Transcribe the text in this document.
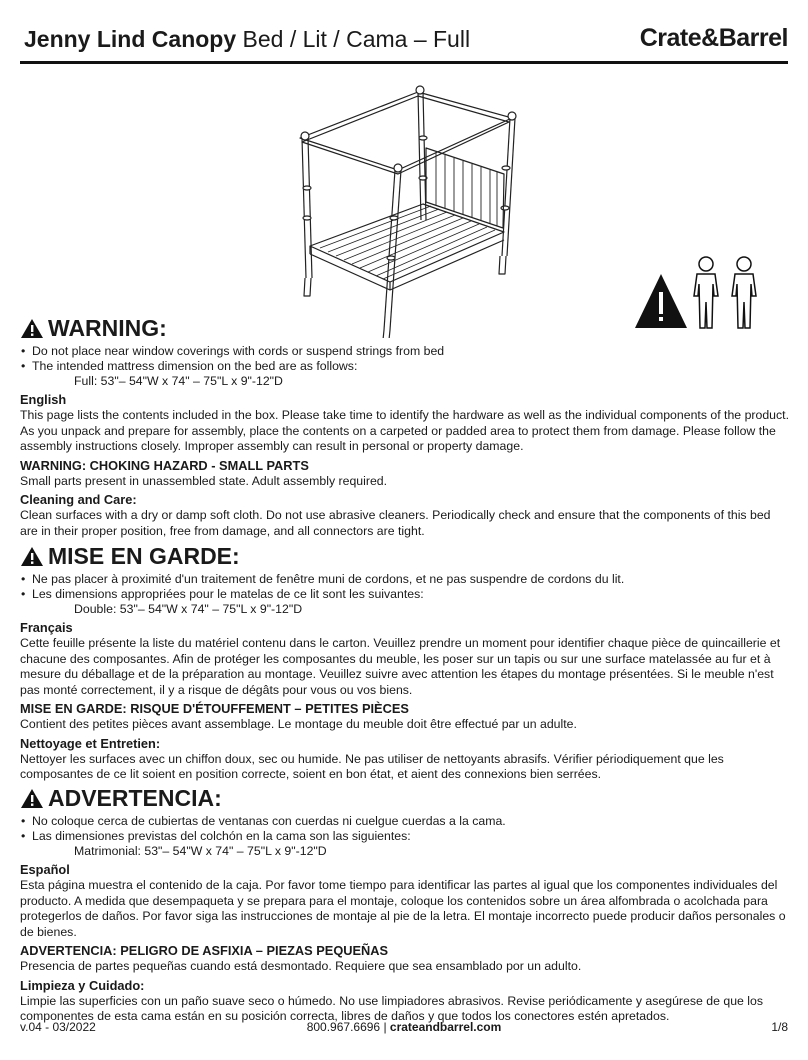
Jenny Lind Canopy Bed / Lit / Cama – Full	Crate&Barrel
WARNING:
• Do not place near window coverings with cords or suspend strings from bed
• The intended mattress dimension on the bed are as follows:
Full: 53"– 54"W x 74" – 75"L x 9"-12"D
English
This page lists the contents included in the box. Please take time to identify the hardware as well as the individual components of the product. As you unpack and prepare for assembly, place the contents on a carpeted or padded area to protect them from damage. Please follow the assembly instructions closely. Improper assembly can result in personal or property damage.
WARNING: CHOKING HAZARD - SMALL PARTS
Small parts present in unassembled state. Adult assembly required.
Cleaning and Care:
Clean surfaces with a dry or damp soft cloth. Do not use abrasive cleaners. Periodically check and ensure that the components of this bed are in their proper position, free from damage, and all connectors are tight.
MISE EN GARDE:
• Ne pas placer à proximité d'un traitement de fenêtre muni de cordons, et ne pas suspendre de cordons du lit.
• Les dimensions appropriées pour le matelas de ce lit sont les suivantes:
Double: 53"– 54"W x 74" – 75"L x 9"-12"D
Français
Cette feuille présente la liste du matériel contenu dans le carton. Veuillez prendre un moment pour identifier chaque pièce de quincaillerie et chacune des composantes. Afin de protéger les composantes du meuble, les poser sur un tapis ou sur une surface matelassée au fur et à mesure du déballage et de la préparation au montage. Veuillez suivre avec attention les étapes du montage présentées. Si le meuble n'est pas monté correctement, il y a risque de dégâts pour vous ou vos biens.
MISE EN GARDE: RISQUE D'ÉTOUFFEMENT – PETITES PIÈCES
Contient des petites pièces avant assemblage. Le montage du meuble doit être effectué par un adulte.
Nettoyage et Entretien:
Nettoyer les surfaces avec un chiffon doux, sec ou humide. Ne pas utiliser de nettoyants abrasifs. Vérifier périodiquement que les composantes de ce lit soient en position correcte, soient en bon état, et aient des connexions bien serrées.
ADVERTENCIA:
• No coloque cerca de cubiertas de ventanas con cuerdas ni cuelgue cuerdas a la cama.
• Las dimensiones previstas del colchón en la cama son las siguientes:
Matrimonial: 53"– 54"W x 74" – 75"L x 9"-12"D
Español
Esta página muestra el contenido de la caja. Por favor tome tiempo para identificar las partes al igual que los componentes individuales del producto. A medida que desempaqueta y se prepara para el montaje, coloque los contenidos sobre un área alfombrada o acolchada para protegerlos de daños. Por favor siga las instrucciones de montaje al pie de la letra. El montaje incorrecto puede producir daños personales o de bienes.
ADVERTENCIA: PELIGRO DE ASFIXIA – PIEZAS PEQUEÑAS
Presencia de partes pequeñas cuando está desmontado. Requiere que sea ensamblado por un adulto.
Limpieza y Cuidado:
Limpie las superficies con un paño suave seco o húmedo. No use limpiadores abrasivos. Revise periódicamente y asegúrese de que los componentes de esta cama están en su posición correcta, libres de daños y que todos los conectores estén apretados.
v.04 - 03/2022	800.967.6696 | crateandbarrel.com	1/8
